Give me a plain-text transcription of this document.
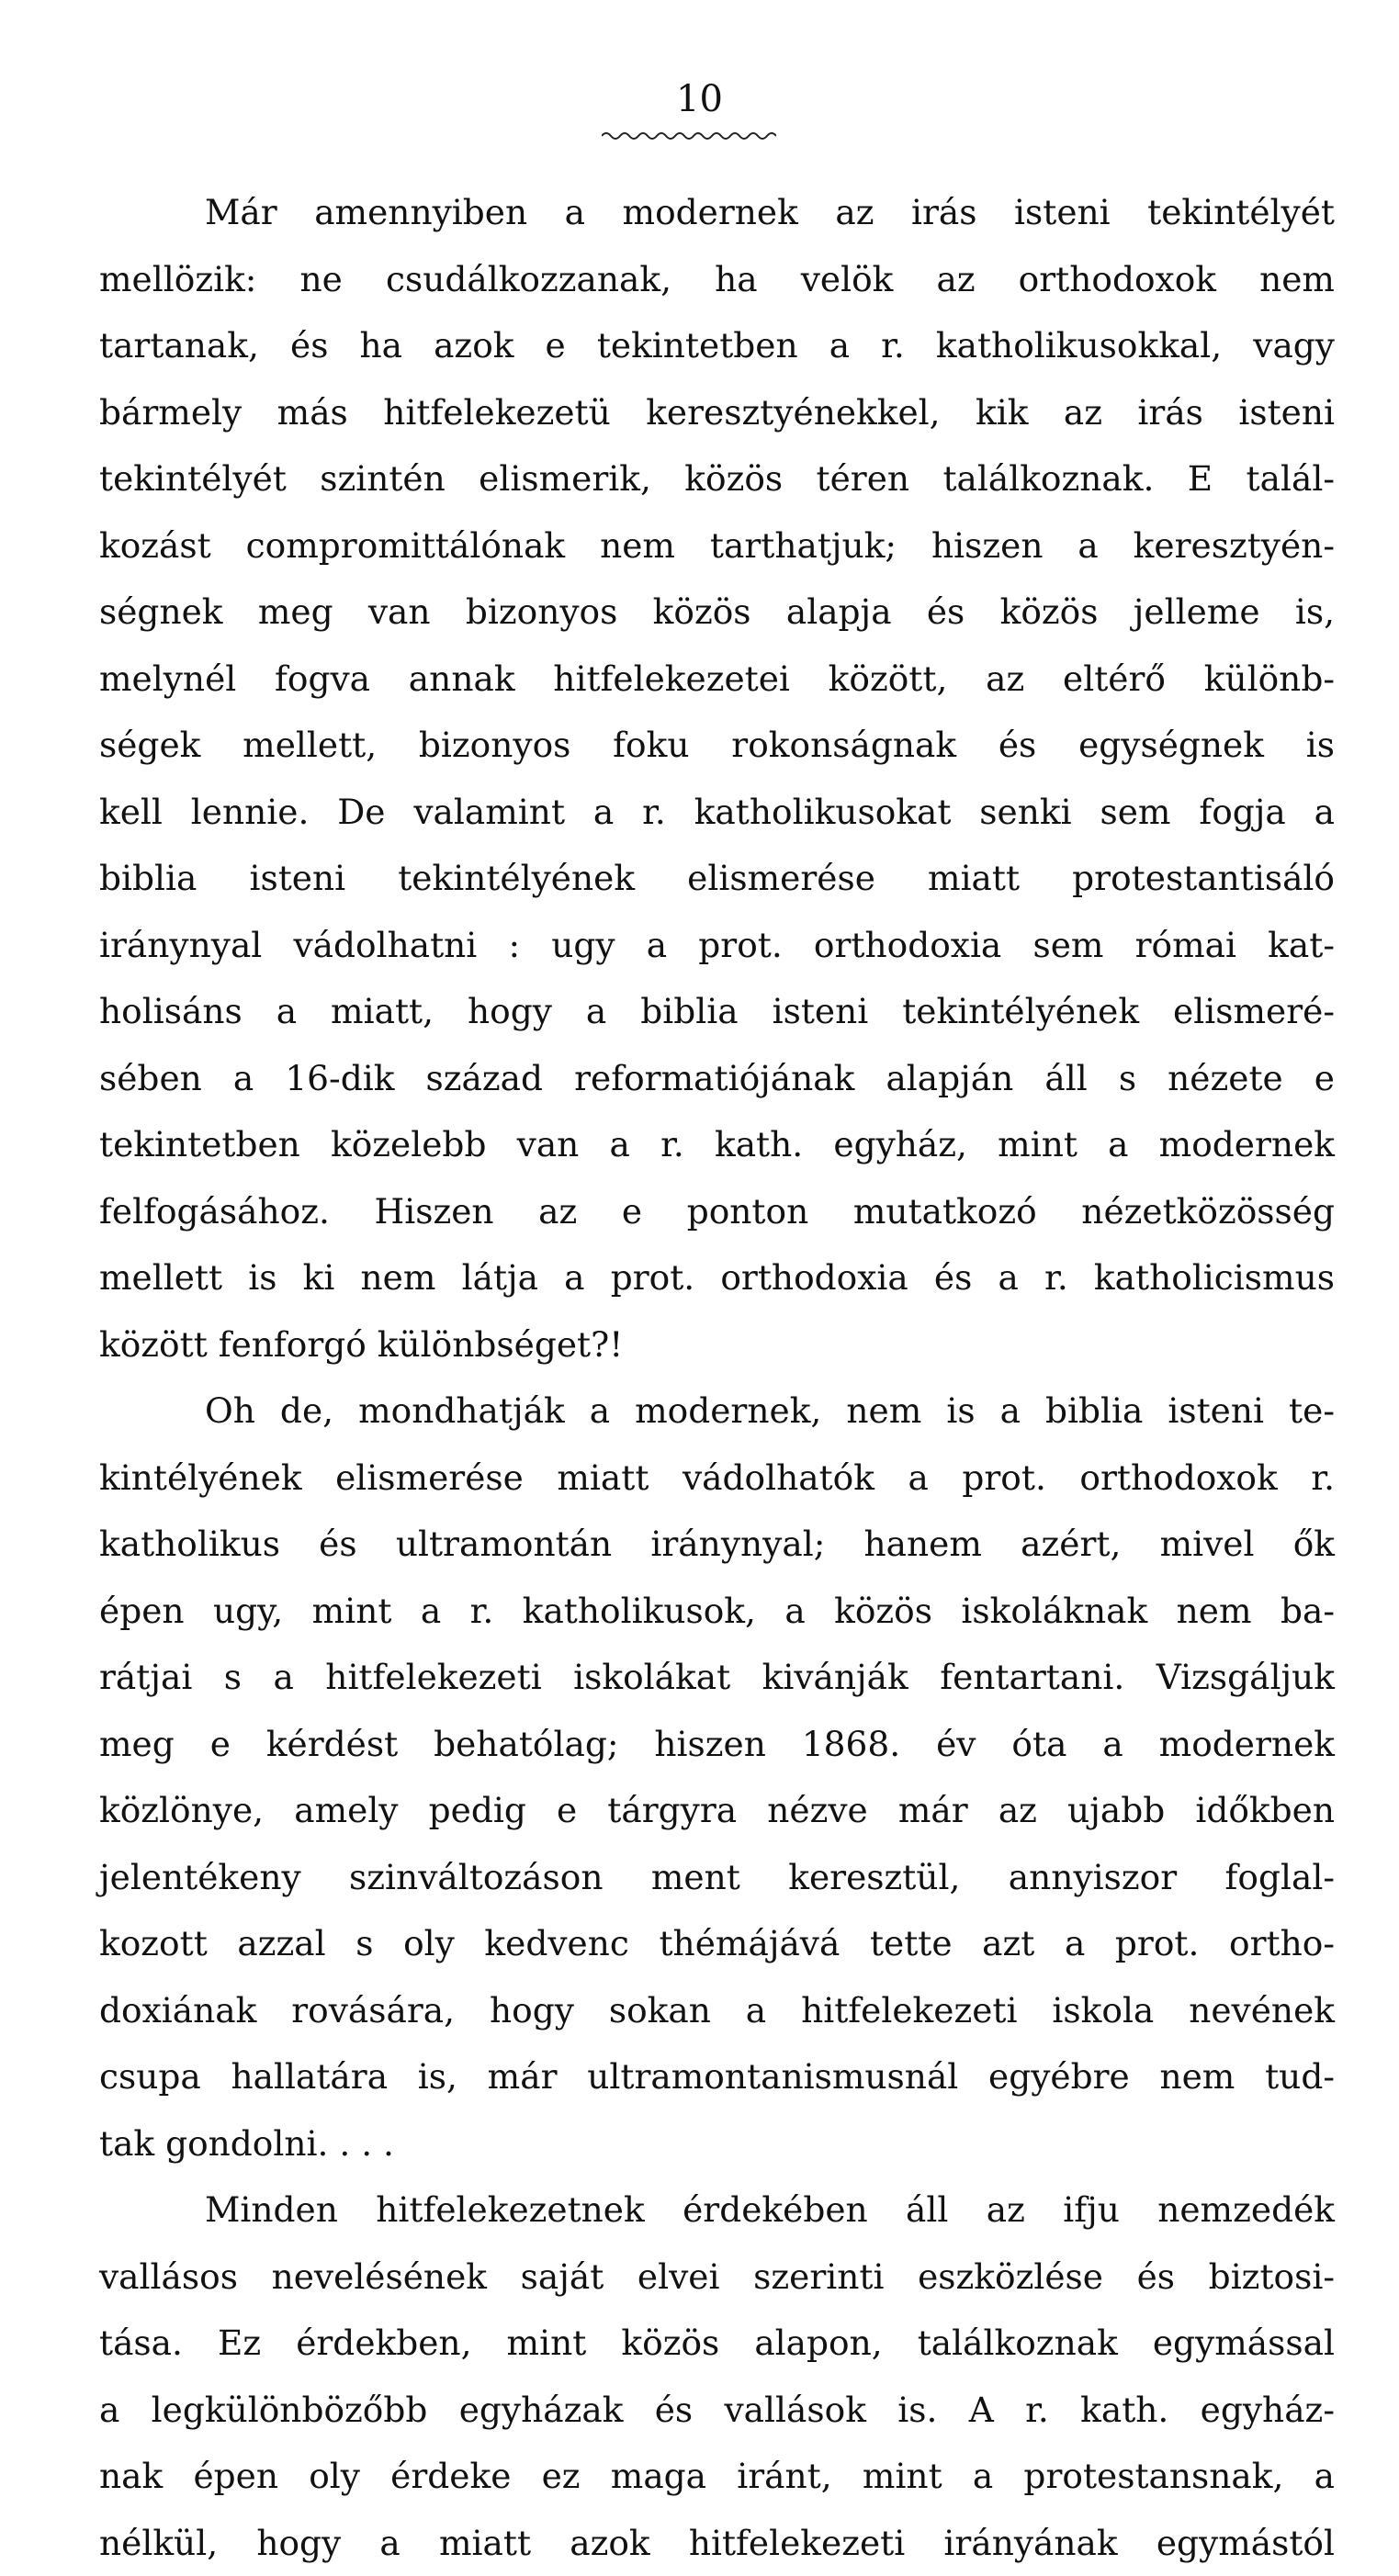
10
Már amennyiben a modernek az irás isteni tekintélyét
mellözik: ne csudálkozzanak, ha velök az orthodoxok nem
tartanak, és ha azok e tekintetben a r. katholikusokkal, vagy
bármely más hitfelekezetü keresztyénekkel, kik az irás isteni
tekintélyét szintén elismerik, közös téren találkoznak. E talál-
kozást compromittálónak nem tarthatjuk; hiszen a keresztyén-
ségnek meg van bizonyos közös alapja és közös jelleme is,
melynél fogva annak hitfelekezetei között, az eltérő különb-
ségek mellett, bizonyos foku rokonságnak és egységnek is
kell lennie. De valamint a r. katholikusokat senki sem fogja a
biblia isteni tekintélyének elismerése miatt protestantisáló
iránynyal vádolhatni : ugy a prot. orthodoxia sem római kat-
holisáns a miatt, hogy a biblia isteni tekintélyének elismeré-
sében a 16-dik század reformatiójának alapján áll s nézete e
tekintetben közelebb van a r. kath. egyház, mint a modernek
felfogásához. Hiszen az e ponton mutatkozó nézetközösség
mellett is ki nem látja a prot. orthodoxia és a r. katholicismus
között fenforgó különbséget?!
Oh de, mondhatják a modernek, nem is a biblia isteni te-
kintélyének elismerése miatt vádolhatók a prot. orthodoxok r.
katholikus és ultramontán iránynyal; hanem azért, mivel ők
épen ugy, mint a r. katholikusok, a közös iskoláknak nem ba-
rátjai s a hitfelekezeti iskolákat kivánják fentartani. Vizsgáljuk
meg e kérdést behatólag; hiszen 1868. év óta a modernek
közlönye, amely pedig e tárgyra nézve már az ujabb időkben
jelentékeny szinváltozáson ment keresztül, annyiszor foglal-
kozott azzal s oly kedvenc thémájává tette azt a prot. ortho-
doxiának rovására, hogy sokan a hitfelekezeti iskola nevének
csupa hallatára is, már ultramontanismusnál egyébre nem tud-
tak gondolni. . . .
Minden hitfelekezetnek érdekében áll az ifju nemzedék
vallásos nevelésének saját elvei szerinti eszközlése és biztosi-
tása. Ez érdekben, mint közös alapon, találkoznak egymással
a legkülönbözőbb egyházak és vallások is. A r. kath. egyház-
nak épen oly érdeke ez maga iránt, mint a protestansnak, a
nélkül, hogy a miatt azok hitfelekezeti irányának egymástól
